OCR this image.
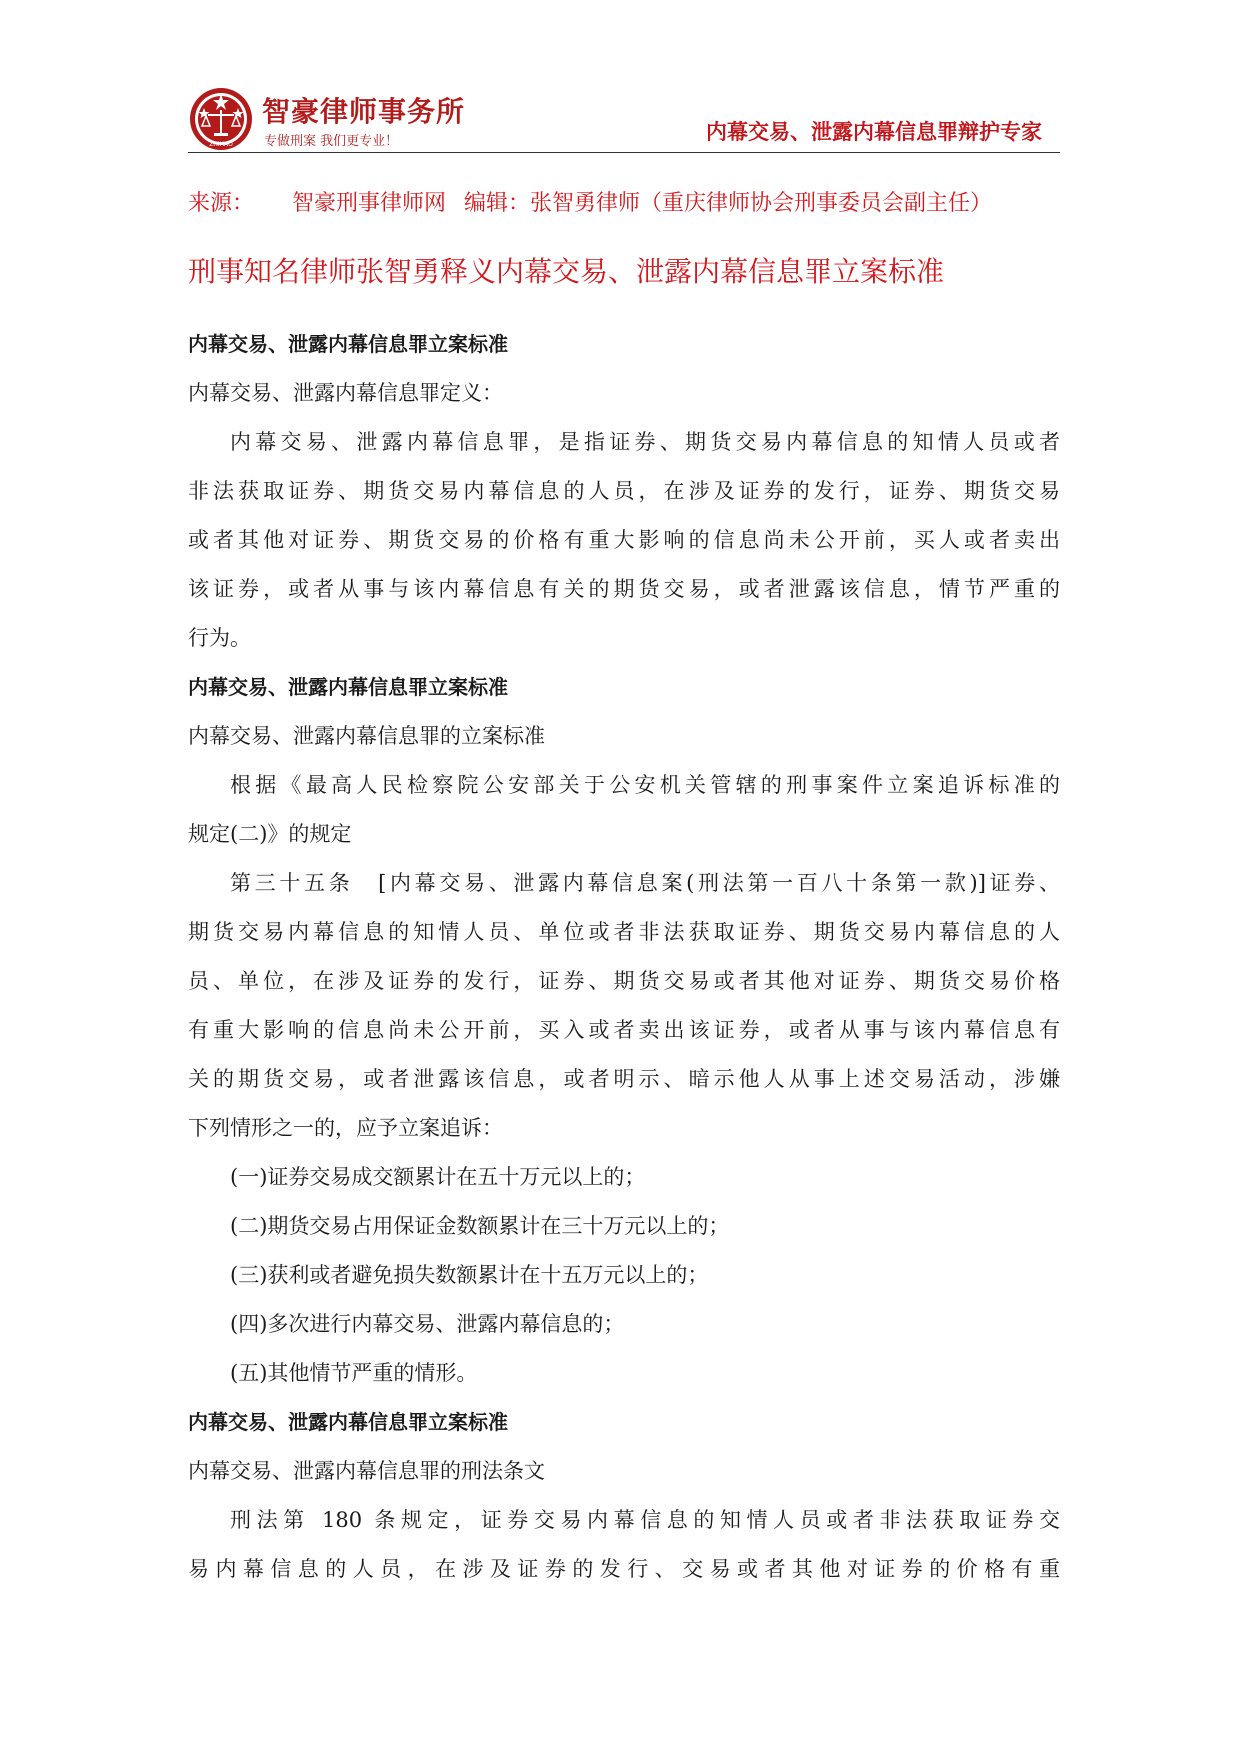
ZHIHAO
智豪律师事务所
专做刑案 我们更专业！	内幕交易、泄露内幕信息罪辩护专家
来源： 智豪刑事律师网 编辑：张智勇律师（重庆律师协会刑事委员会副主任）
刑事知名律师张智勇释义内幕交易、泄露内幕信息罪立案标准
内幕交易、泄露内幕信息罪立案标准
内幕交易、泄露内幕信息罪定义：
内幕交易、泄露内幕信息罪，是指证券、期货交易内幕信息的知情人员或者
非法获取证券、期货交易内幕信息的人员，在涉及证券的发行，证券、期货交易
或者其他对证券、期货交易的价格有重大影响的信息尚未公开前，买人或者卖出
该证券，或者从事与该内幕信息有关的期货交易，或者泄露该信息，情节严重的
行为。
内幕交易、泄露内幕信息罪立案标准
内幕交易、泄露内幕信息罪的立案标准
根据《最高人民检察院公安部关于公安机关管辖的刑事案件立案追诉标准的
规定(二)》的规定
第三十五条　[内幕交易、泄露内幕信息案(刑法第一百八十条第一款)]证券、
期货交易内幕信息的知情人员、单位或者非法获取证券、期货交易内幕信息的人
员、单位，在涉及证券的发行，证券、期货交易或者其他对证券、期货交易价格
有重大影响的信息尚未公开前，买入或者卖出该证券，或者从事与该内幕信息有
关的期货交易，或者泄露该信息，或者明示、暗示他人从事上述交易活动，涉嫌
下列情形之一的，应予立案追诉：
(一)证券交易成交额累计在五十万元以上的；
(二)期货交易占用保证金数额累计在三十万元以上的；
(三)获利或者避免损失数额累计在十五万元以上的；
(四)多次进行内幕交易、泄露内幕信息的；
(五)其他情节严重的情形。
内幕交易、泄露内幕信息罪立案标准
内幕交易、泄露内幕信息罪的刑法条文
刑法第 180 条规定，证券交易内幕信息的知情人员或者非法获取证券交
易内幕信息的人员，在涉及证券的发行、交易或者其他对证券的价格有重
